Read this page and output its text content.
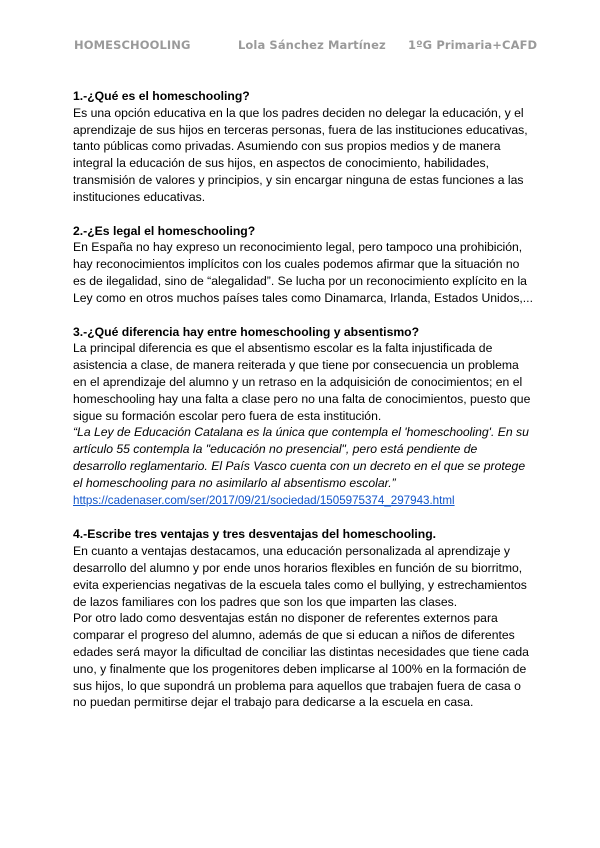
HOMESCHOOLING	Lola Sánchez Martínez 1ºG Primaria+CAFD

1.-¿Qué es el homeschooling?

Es una opción educativa en la que los padres deciden no delegar la educación, y el aprendizaje de sus hijos en terceras personas, fuera de las instituciones educativas, tanto públicas como privadas. Asumiendo con sus propios medios y de manera integral la educación de sus hijos, en aspectos de conocimiento, habilidades, transmisión de valores y principios, y sin encargar ninguna de estas funciones a las instituciones educativas.

2.-¿Es legal el homeschooling?

En España no hay expreso un reconocimiento legal, pero tampoco una prohibición, hay reconocimientos implícitos con los cuales podemos afirmar que la situación no es de ilegalidad, sino de “alegalidad”. Se lucha por un reconocimiento explícito en la Ley como en otros muchos países tales como Dinamarca, Irlanda, Estados Unidos,...

3.-¿Qué diferencia hay entre homeschooling y absentismo?

La principal diferencia es que el absentismo escolar es la falta injustificada de asistencia a clase, de manera reiterada y que tiene por consecuencia un problema en el aprendizaje del alumno y un retraso en la adquisición de conocimientos; en el homeschooling hay una falta a clase pero no una falta de conocimientos, puesto que sigue su formación escolar pero fuera de esta institución.

“La Ley de Educación Catalana es la única que contempla el 'homeschooling'. En su artículo 55 contempla la "educación no presencial", pero está pendiente de desarrollo reglamentario. El País Vasco cuenta con un decreto en el que se protege el homeschooling para no asimilarlo al absentismo escolar.”

https://cadenaser.com/ser/2017/09/21/sociedad/1505975374_297943.html

4.-Escribe tres ventajas y tres desventajas del homeschooling.

En cuanto a ventajas destacamos, una educación personalizada al aprendizaje y desarrollo del alumno y por ende unos horarios flexibles en función de su biorritmo, evita experiencias negativas de la escuela tales como el bullying, y estrechamientos de lazos familiares con los padres que son los que imparten las clases.

Por otro lado como desventajas están no disponer de referentes externos para comparar el progreso del alumno, además de que si educan a niños de diferentes edades será mayor la dificultad de conciliar las distintas necesidades que tiene cada uno, y finalmente que los progenitores deben implicarse al 100% en la formación de sus hijos, lo que supondrá un problema para aquellos que trabajen fuera de casa o no puedan permitirse dejar el trabajo para dedicarse a la escuela en casa.
